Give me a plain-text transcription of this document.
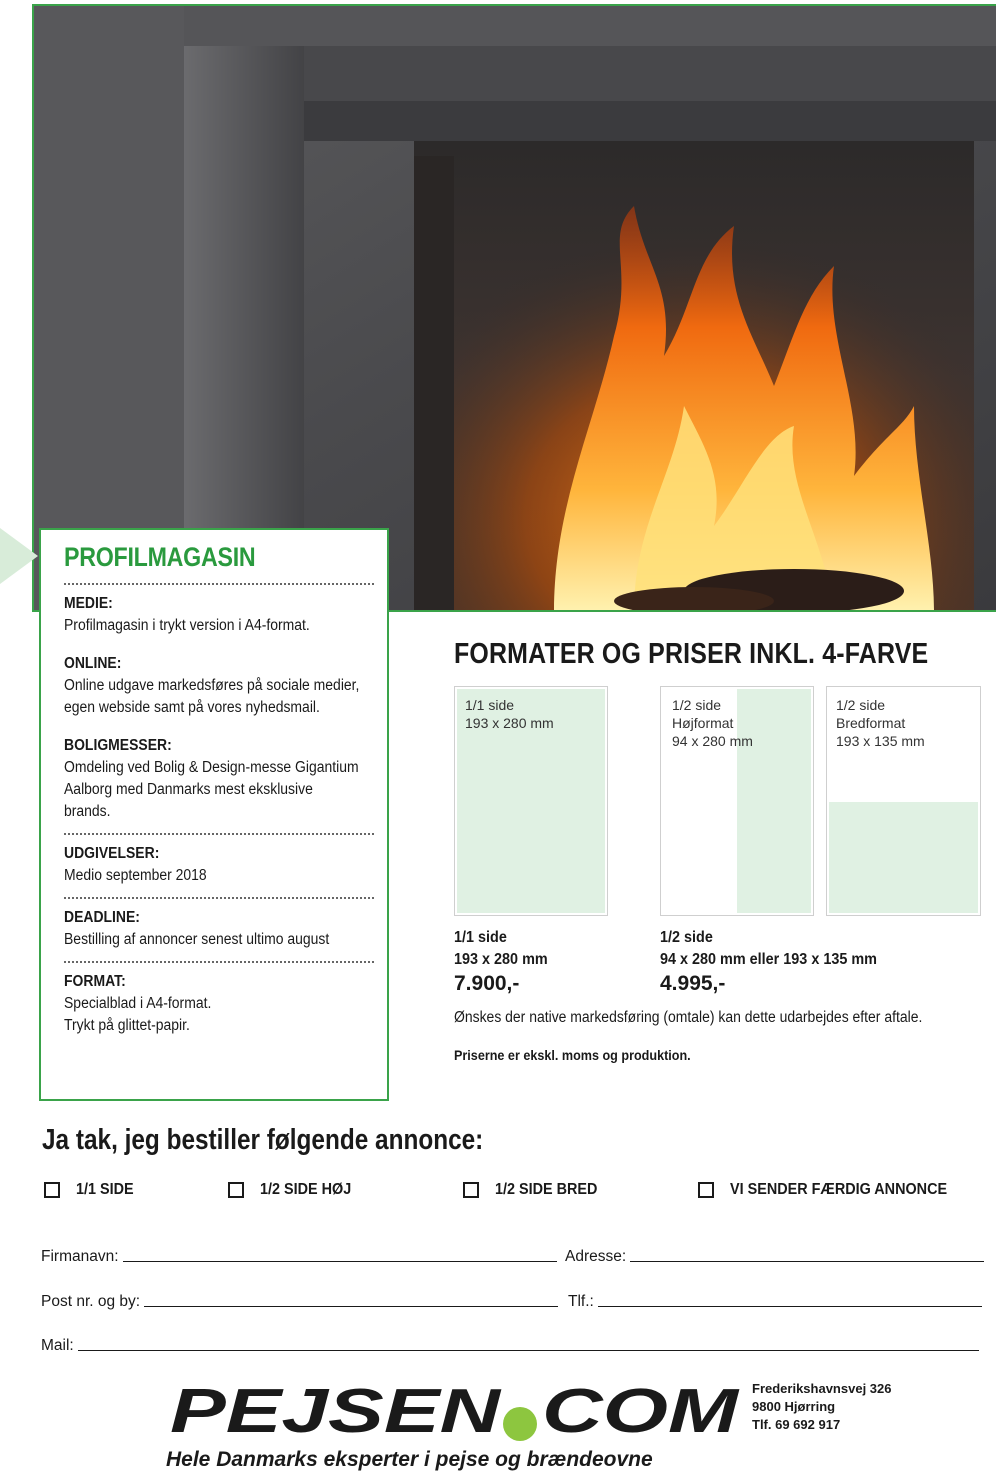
PROFILMAGASIN

MEDIE:

Profilmagasin i trykt version i A4-format.

ONLINE:

Online udgave markedsføres på sociale medier, egen webside samt på vores nyhedsmail.

BOLIGMESSER:

Omdeling ved Bolig & Design-messe Gigantium Aalborg med Danmarks mest eksklusive brands.

UDGIVELSER:

Medio september 2018

DEADLINE:

Bestilling af annoncer senest ultimo august

FORMAT:

Specialblad i A4-format.

Trykt på glittet-papir.

FORMATER OG PRISER INKL. 4-FARVE
1/1 side
193 x 280 mm
1/2 side
Højformat
94 x 280 mm
1/2 side
Bredformat
193 x 135 mm
1/1 side
193 x 280 mm
7.900,-
1/2 side
94 x 280 mm eller 193 x 135 mm
4.995,-
Ønskes der native markedsføring (omtale) kan dette udarbejdes efter aftale.
Priserne er ekskl. moms og produktion.
Ja tak, jeg bestiller følgende annonce:
1/1 SIDE	1/2 SIDE HØJ	1/2 SIDE BRED	VI SENDER FÆRDIG ANNONCE
Firmanavn:	Adresse:
Post nr. og by:	Tlf.:
Mail:
PEJSEN COM
Hele Danmarks eksperter i pejse og brændeovne
Frederikshavnsvej 326
9800 Hjørring
Tlf. 69 692 917
